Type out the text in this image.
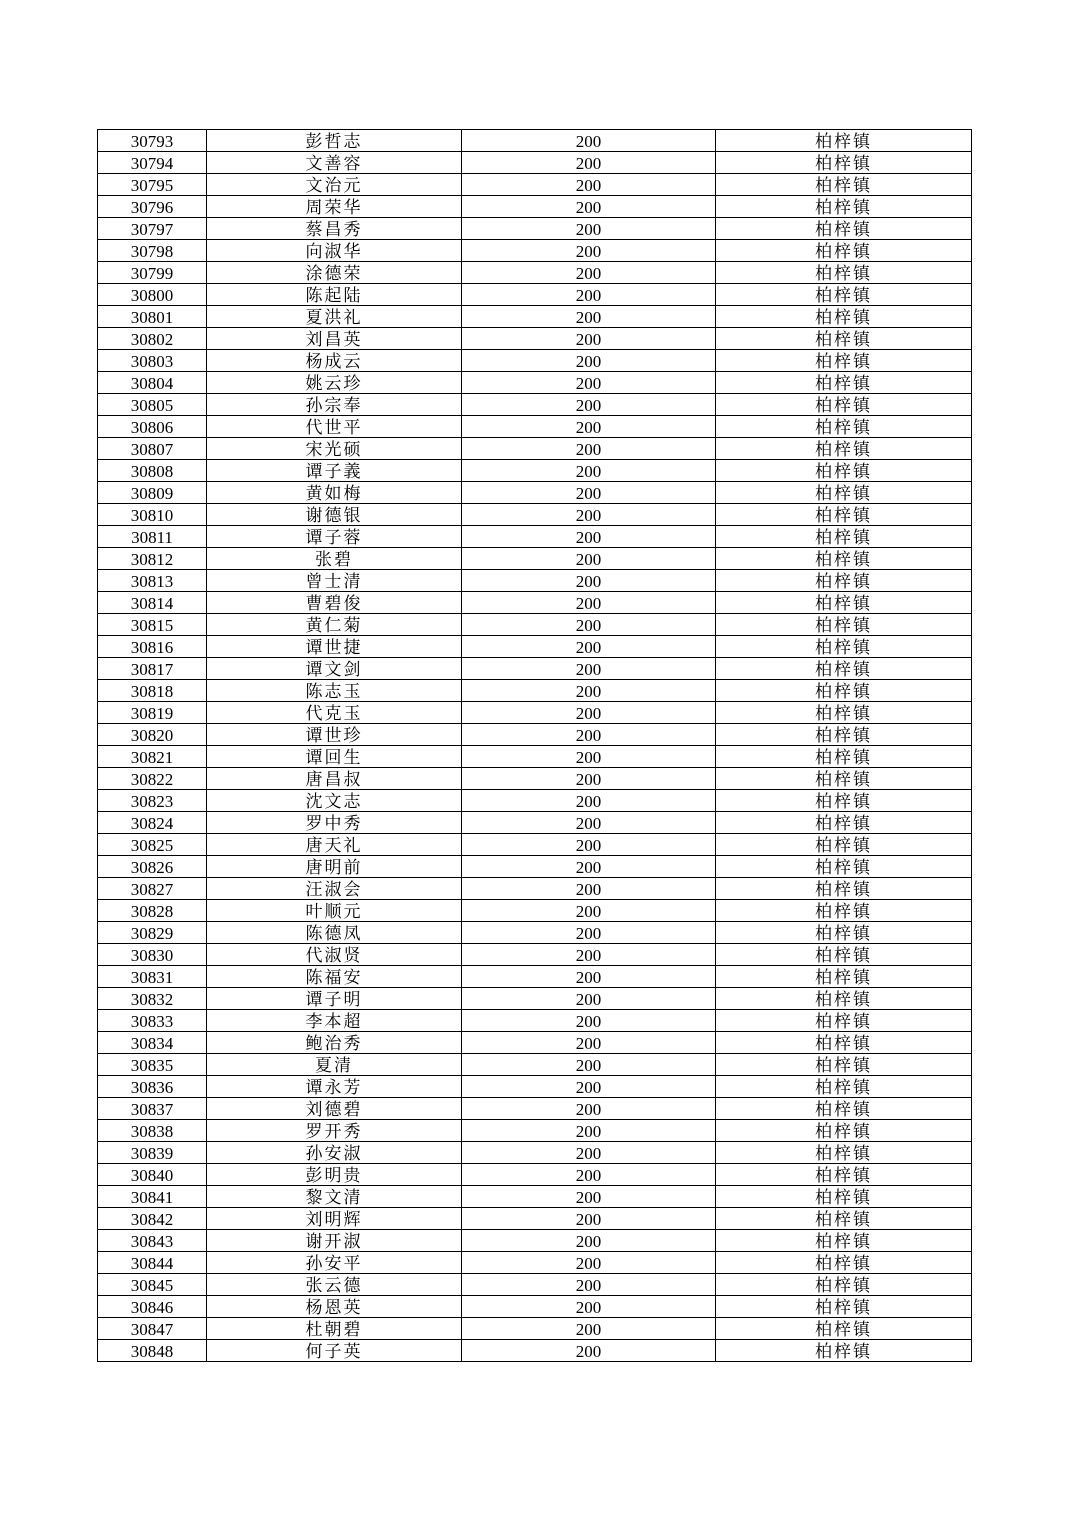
30793	彭哲志	200	柏梓镇
30794	文善容	200	柏梓镇
30795	文治元	200	柏梓镇
30796	周荣华	200	柏梓镇
30797	蔡昌秀	200	柏梓镇
30798	向淑华	200	柏梓镇
30799	涂德荣	200	柏梓镇
30800	陈起陆	200	柏梓镇
30801	夏洪礼	200	柏梓镇
30802	刘昌英	200	柏梓镇
30803	杨成云	200	柏梓镇
30804	姚云珍	200	柏梓镇
30805	孙宗奉	200	柏梓镇
30806	代世平	200	柏梓镇
30807	宋光硕	200	柏梓镇
30808	谭子義	200	柏梓镇
30809	黄如梅	200	柏梓镇
30810	谢德银	200	柏梓镇
30811	谭子蓉	200	柏梓镇
30812	张碧	200	柏梓镇
30813	曾士清	200	柏梓镇
30814	曹碧俊	200	柏梓镇
30815	黄仁菊	200	柏梓镇
30816	谭世捷	200	柏梓镇
30817	谭文剑	200	柏梓镇
30818	陈志玉	200	柏梓镇
30819	代克玉	200	柏梓镇
30820	谭世珍	200	柏梓镇
30821	谭回生	200	柏梓镇
30822	唐昌叔	200	柏梓镇
30823	沈文志	200	柏梓镇
30824	罗中秀	200	柏梓镇
30825	唐天礼	200	柏梓镇
30826	唐明前	200	柏梓镇
30827	汪淑会	200	柏梓镇
30828	叶顺元	200	柏梓镇
30829	陈德凤	200	柏梓镇
30830	代淑贤	200	柏梓镇
30831	陈福安	200	柏梓镇
30832	谭子明	200	柏梓镇
30833	李本超	200	柏梓镇
30834	鲍治秀	200	柏梓镇
30835	夏清	200	柏梓镇
30836	谭永芳	200	柏梓镇
30837	刘德碧	200	柏梓镇
30838	罗开秀	200	柏梓镇
30839	孙安淑	200	柏梓镇
30840	彭明贵	200	柏梓镇
30841	黎文清	200	柏梓镇
30842	刘明辉	200	柏梓镇
30843	谢开淑	200	柏梓镇
30844	孙安平	200	柏梓镇
30845	张云德	200	柏梓镇
30846	杨恩英	200	柏梓镇
30847	杜朝碧	200	柏梓镇
30848	何子英	200	柏梓镇
